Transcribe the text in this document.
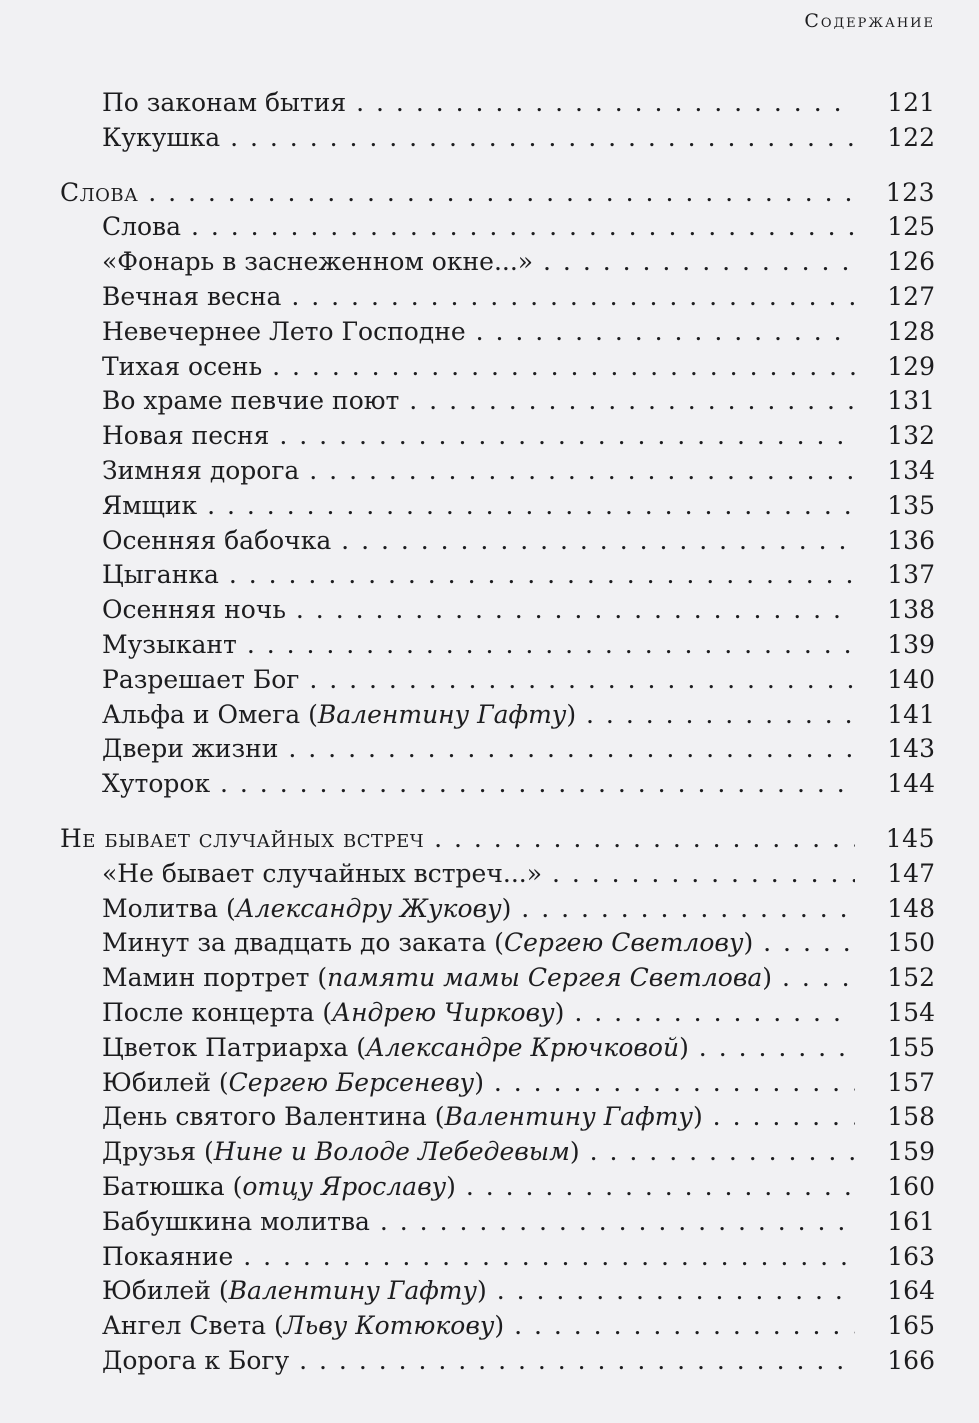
Содержание
По законам бытия . . .	121
Кукушка . . .	122
Слова . . .	123
Слова . . .	125
«Фонарь в заснеженном окне...» . . .	126
Вечная весна . . .	127
Невечернее Лето Господне . . .	128
Тихая осень . . .	129
Во храме певчие поют . . .	131
Новая песня . . .	132
Зимняя дорога . . .	134
Ямщик . . .	135
Осенняя бабочка . . .	136
Цыганка . . .	137
Осенняя ночь . . .	138
Музыкант . . .	139
Разрешает Бог . . .	140
Альфа и Омега (Валентину Гафту) . . .	141
Двери жизни . . .	143
Хуторок . . .	144
Не бывает случайных встреч . . .	145
«Не бывает случайных встреч...» . . .	147
Молитва (Александру Жукову) . . .	148
Минут за двадцать до заката (Сергею Светлову) . . .	150
Мамин портрет (памяти мамы Сергея Светлова) . . .	152
После концерта (Андрею Чиркову) . . .	154
Цветок Патриарха (Александре Крючковой) . . .	155
Юбилей (Сергею Берсеневу) . . .	157
День святого Валентина (Валентину Гафту) . . .	158
Друзья (Нине и Володе Лебедевым) . . .	159
Батюшка (отцу Ярославу) . . .	160
Бабушкина молитва . . .	161
Покаяние . . .	163
Юбилей (Валентину Гафту) . . .	164
Ангел Света (Льву Котюкову) . . .	165
Дорога к Богу . . .	166
